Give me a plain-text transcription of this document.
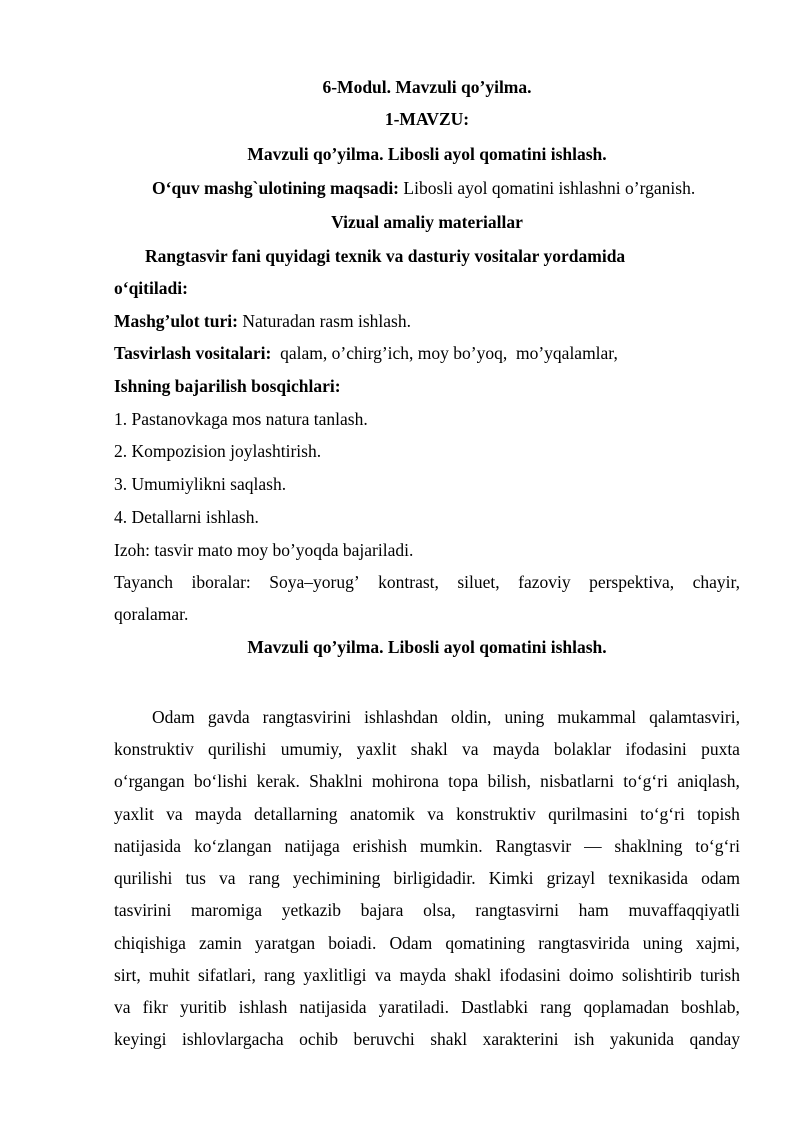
6-Modul. Mavzuli qo’yilma.
1-MAVZU:
Mavzuli qo’yilma. Libosli ayol qomatini ishlash.
O‘quv mashg`ulotining maqsadi: Libosli ayol qomatini ishlashni o’rganish.
Vizual amaliy materiallar
Rangtasvir fani quyidagi texnik va dasturiy vositalar yordamida
o‘qitiladi:
Mashg’ulot turi: Naturadan rasm ishlash.
Tasvirlash vositalari:  qalam, o’chirg’ich, moy bo’yoq,  mo’yqalamlar,
Ishning bajarilish bosqichlari:
1. Pastanovkaga mos natura tanlash.
2. Kompozision joylashtirish.
3. Umumiylikni saqlash.
4. Detallarni ishlash.
Izoh: tasvir mato moy bo’yoqda bajariladi.
Tayanch iboralar: Soya–yorug’ kontrast, siluet, fazoviy perspektiva, chayir,
qoralamar.
Mavzuli qo’yilma. Libosli ayol qomatini ishlash.
Odam gavda rangtasvirini ishlashdan oldin, uning mukammal qalamtasviri,
konstruktiv qurilishi umumiy, yaxlit shakl va mayda bolaklar ifodasini puxta
o‘rgangan bo‘lishi kerak. Shaklni mohirona topa bilish, nisbatlarni to‘g‘ri aniqlash,
yaxlit va mayda detallarning anatomik va konstruktiv qurilmasini to‘g‘ri topish
natijasida ko‘zlangan natijaga erishish mumkin. Rangtasvir — shaklning to‘g‘ri
qurilishi tus va rang yechimining birligidadir. Kimki grizayl texnikasida odam
tasvirini maromiga yetkazib bajara olsa, rangtasvirni ham muvaffaqqiyatli
chiqishiga zamin yaratgan boiadi. Odam qomatining rangtasvirida uning xajmi,
sirt, muhit sifatlari, rang yaxlitligi va mayda shakl ifodasini doimo solishtirib turish
va fikr yuritib ishlash natijasida yaratiladi. Dastlabki rang qoplamadan boshlab,
keyingi ishlovlargacha ochib beruvchi shakl xarakterini ish yakunida qanday
